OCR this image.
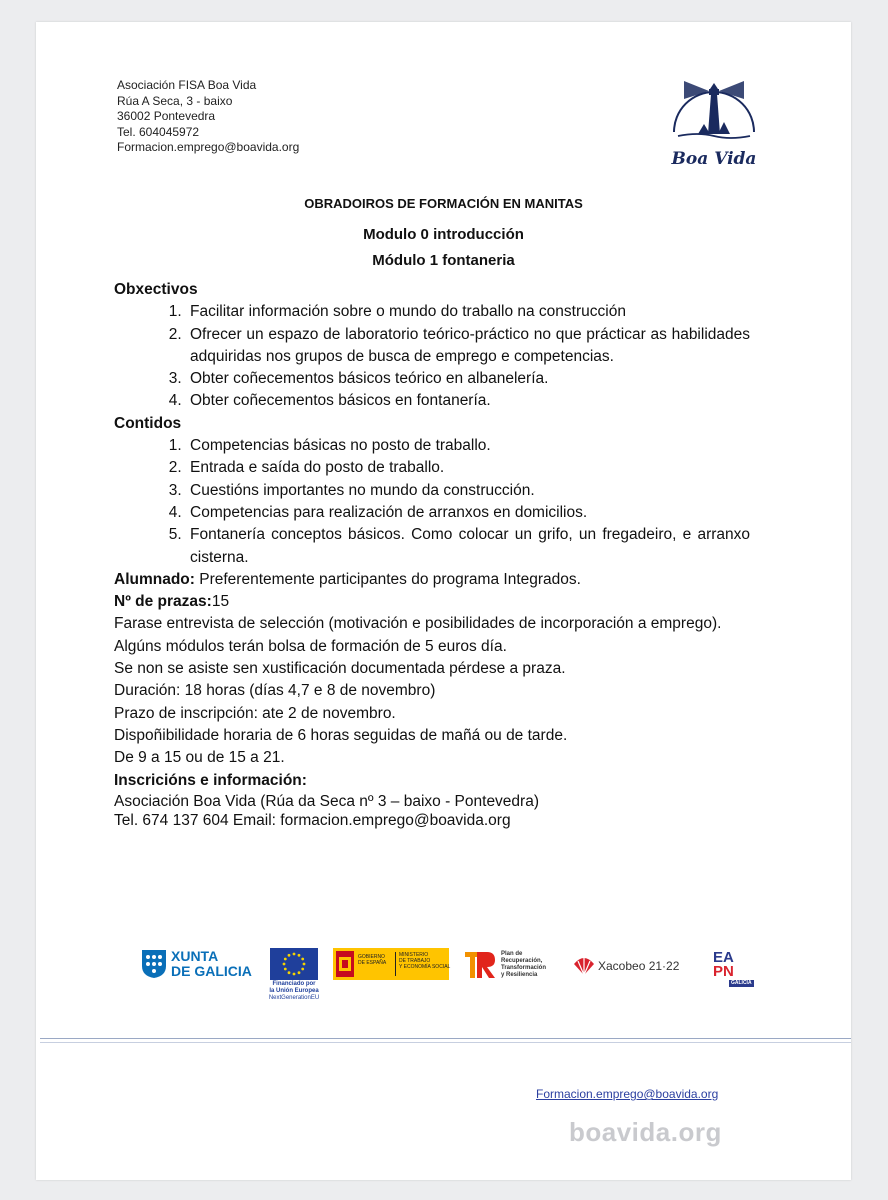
Asociación FISA Boa Vida
Rúa A Seca, 3 - baixo
36002 Pontevedra
Tel. 604045972
Formacion.emprego@boavida.org
Boa Vida
OBRADOIROS DE FORMACIÓN EN MANITAS
Modulo 0 introducción
Módulo 1 fontaneria
Obxectivos
1. Facilitar información sobre o mundo do traballo na construcción
2. Ofrecer un espazo de laboratorio teórico-práctico no que prácticar as habilidades adquiridas nos grupos de busca de emprego e competencias.
3. Obter coñecementos básicos teórico en albanelería.
4. Obter coñecementos básicos en fontanería.
Contidos
1. Competencias básicas no posto de traballo.
2. Entrada e saída do posto de traballo.
3. Cuestións importantes no mundo da construcción.
4. Competencias para realización de arranxos en domicilios.
5. Fontanería conceptos básicos. Como colocar un grifo, un fregadeiro, e arranxo cisterna.

Alumnado: Preferentemente participantes do programa Integrados.

Nº de prazas:15

Farase entrevista de selección (motivación e posibilidades de incorporación a emprego). Algúns módulos terán bolsa de formación de 5 euros día.

Se non se asiste sen xustificación documentada pérdese a praza.

Duración: 18 horas (días 4,7 e 8 de novembro)

Prazo de inscripción: ate 2 de novembro.

Dispoñibilidade horaria de 6 horas seguidas de mañá ou de tarde.

De 9 a 15 ou de 15 a 21.

Inscricións e información:

Asociación Boa Vida (Rúa da Seca nº 3 – baixo - Pontevedra)

Tel. 674 137 604 Email: formacion.emprego@boavida.org

XUNTA
DE GALICIA
Financiado por
la Unión Europea
NextGenerationEU
GOBIERNO
DE ESPAÑA
MINISTERIO
DE TRABAJO
Y ECONOMÍA SOCIAL
Plan de
Recuperación,
Transformación
y Resiliencia
Xacobeo 21·22 EA
PN
GALICIA
Formacion.emprego@boavida.org
boavida.org
